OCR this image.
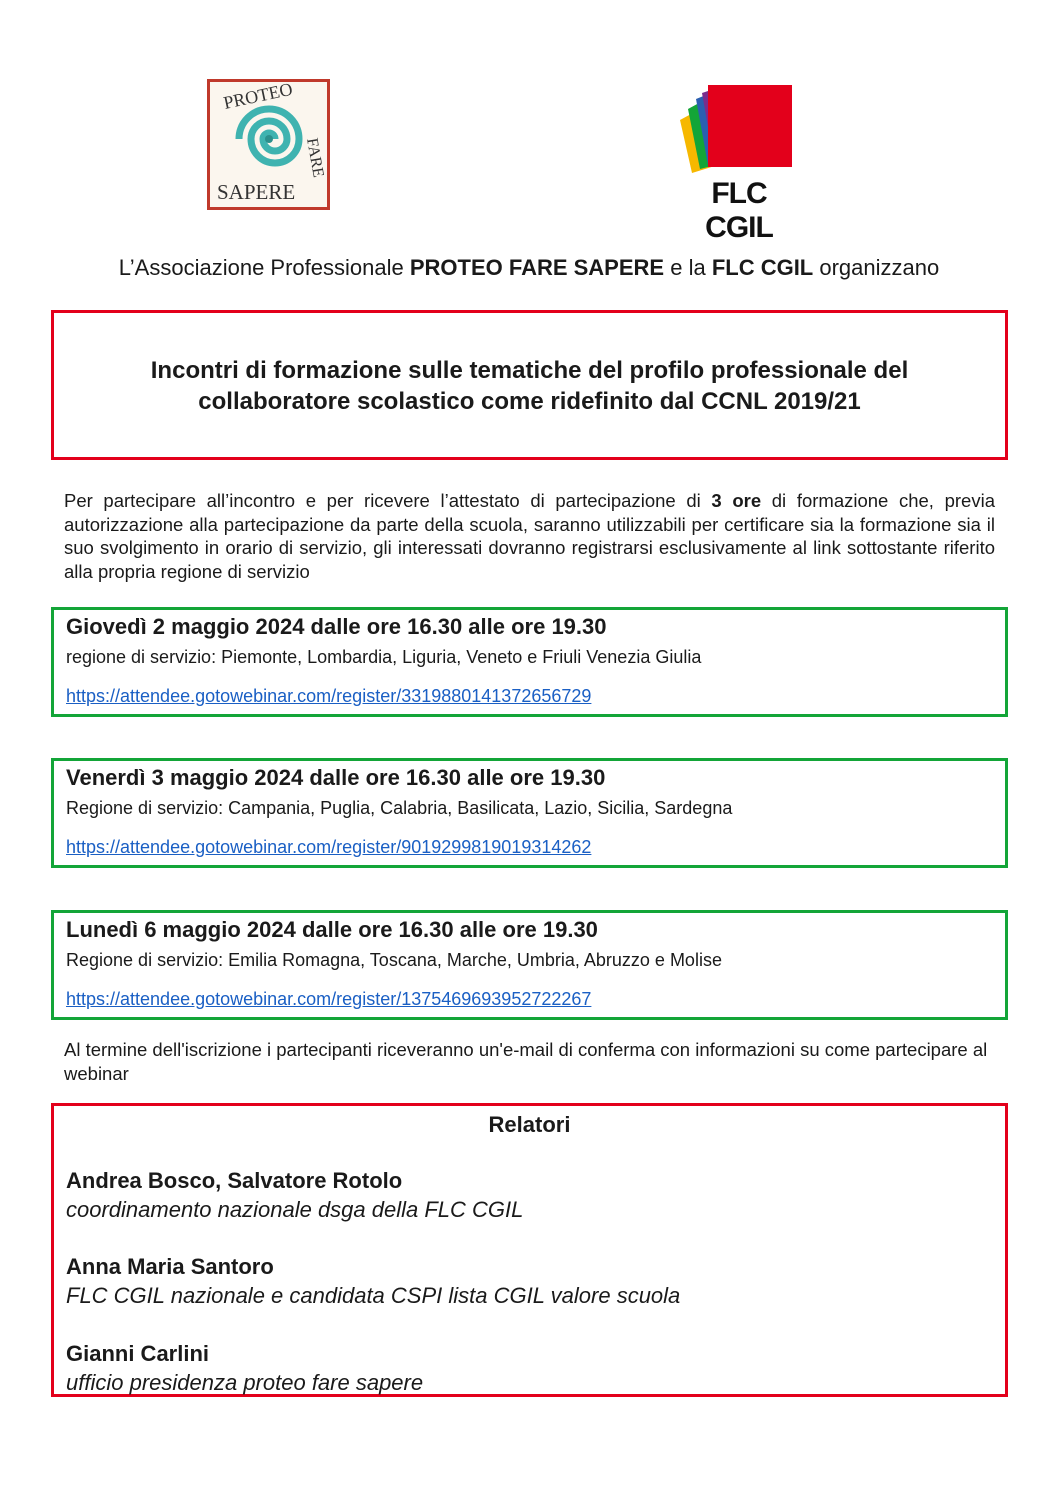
PROTEO
FARE
SAPERE	FLC CGIL
L’Associazione Professionale PROTEO FARE SAPERE e la FLC CGIL organizzano
Incontri di formazione sulle tematiche del profilo professionale del
collaboratore scolastico come ridefinito dal CCNL 2019/21
Per partecipare all’incontro e per ricevere l’attestato di partecipazione di 3 ore di formazione che, previa autorizzazione alla partecipazione da parte della scuola, saranno utilizzabili per certificare sia la formazione sia il suo svolgimento in orario di servizio, gli interessati dovranno registrarsi esclusivamente al link sottostante riferito alla propria regione di servizio
Giovedì 2 maggio 2024 dalle ore 16.30 alle ore 19.30
regione di servizio: Piemonte, Lombardia, Liguria, Veneto e Friuli Venezia Giulia
https://attendee.gotowebinar.com/register/3319880141372656729
Venerdì 3 maggio 2024 dalle ore 16.30 alle ore 19.30
Regione di servizio: Campania, Puglia, Calabria, Basilicata, Lazio, Sicilia, Sardegna
https://attendee.gotowebinar.com/register/9019299819019314262
Lunedì 6 maggio 2024 dalle ore 16.30 alle ore 19.30
Regione di servizio: Emilia Romagna, Toscana, Marche, Umbria, Abruzzo e Molise
https://attendee.gotowebinar.com/register/1375469693952722267
Al termine dell'iscrizione i partecipanti riceveranno un'e-mail di conferma con informazioni su come partecipare al webinar
Relatori
Andrea Bosco, Salvatore Rotolo
coordinamento nazionale dsga della FLC CGIL
Anna Maria Santoro
FLC CGIL nazionale e candidata CSPI lista CGIL valore scuola
Gianni Carlini
ufficio presidenza proteo fare sapere
